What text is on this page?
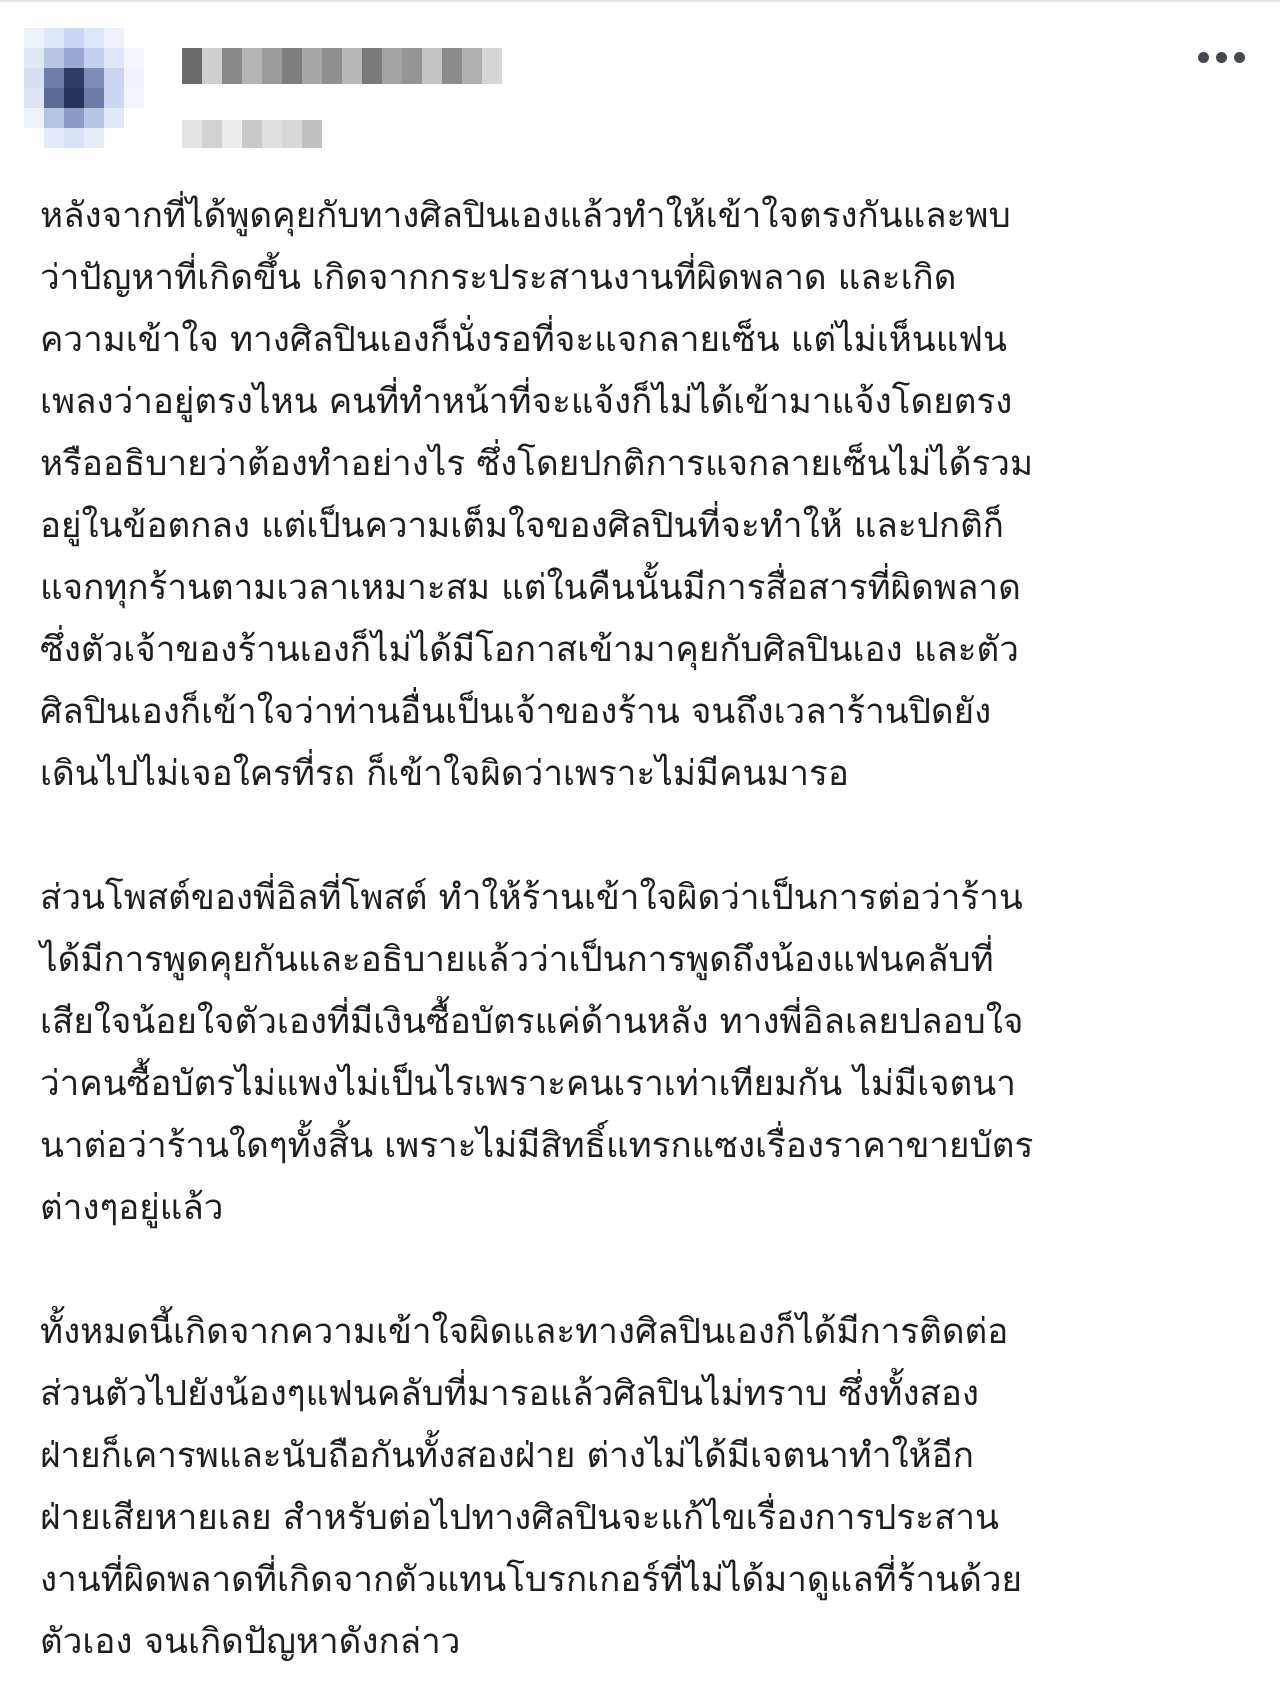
หลังจากที่ได้พูดคุยกับทางศิลปินเองแล้วทำให้เข้าใจตรงกันและพบ
ว่าปัญหาที่เกิดขึ้น เกิดจากกระประสานงานที่ผิดพลาด และเกิด
ความเข้าใจ ทางศิลปินเองก็นั่งรอที่จะแจกลายเซ็น แต่ไม่เห็นแฟน
เพลงว่าอยู่ตรงไหน คนที่ทำหน้าที่จะแจ้งก็ไม่ได้เข้ามาแจ้งโดยตรง
หรืออธิบายว่าต้องทำอย่างไร ซึ่งโดยปกติการแจกลายเซ็นไม่ได้รวม
อยู่ในข้อตกลง แต่เป็นความเต็มใจของศิลปินที่จะทำให้ และปกติก็
แจกทุกร้านตามเวลาเหมาะสม แต่ในคืนนั้นมีการสื่อสารที่ผิดพลาด
ซึ่งตัวเจ้าของร้านเองก็ไม่ได้มีโอกาสเข้ามาคุยกับศิลปินเอง และตัว
ศิลปินเองก็เข้าใจว่าท่านอื่นเป็นเจ้าของร้าน จนถึงเวลาร้านปิดยัง
เดินไปไม่เจอใครที่รถ ก็เข้าใจผิดว่าเพราะไม่มีคนมารอ
ส่วนโพสต์ของพี่อิลที่โพสต์ ทำให้ร้านเข้าใจผิดว่าเป็นการต่อว่าร้าน
ได้มีการพูดคุยกันและอธิบายแล้วว่าเป็นการพูดถึงน้องแฟนคลับที่
เสียใจน้อยใจตัวเองที่มีเงินซื้อบัตรแค่ด้านหลัง ทางพี่อิลเลยปลอบใจ
ว่าคนซื้อบัตรไม่แพงไม่เป็นไรเพราะคนเราเท่าเทียมกัน ไม่มีเจตนา
นาต่อว่าร้านใดๆทั้งสิ้น เพราะไม่มีสิทธิ์แทรกแซงเรื่องราคาขายบัตร
ต่างๆอยู่แล้ว
ทั้งหมดนี้เกิดจากความเข้าใจผิดและทางศิลปินเองก็ได้มีการติดต่อ
ส่วนตัวไปยังน้องๆแฟนคลับที่มารอแล้วศิลปินไม่ทราบ ซึ่งทั้งสอง
ฝ่ายก็เคารพและนับถือกันทั้งสองฝ่าย ต่างไม่ได้มีเจตนาทำให้อีก
ฝ่ายเสียหายเลย สำหรับต่อไปทางศิลปินจะแก้ไขเรื่องการประสาน
งานที่ผิดพลาดที่เกิดจากตัวแทนโบรกเกอร์ที่ไม่ได้มาดูแลที่ร้านด้วย
ตัวเอง จนเกิดปัญหาดังกล่าว
